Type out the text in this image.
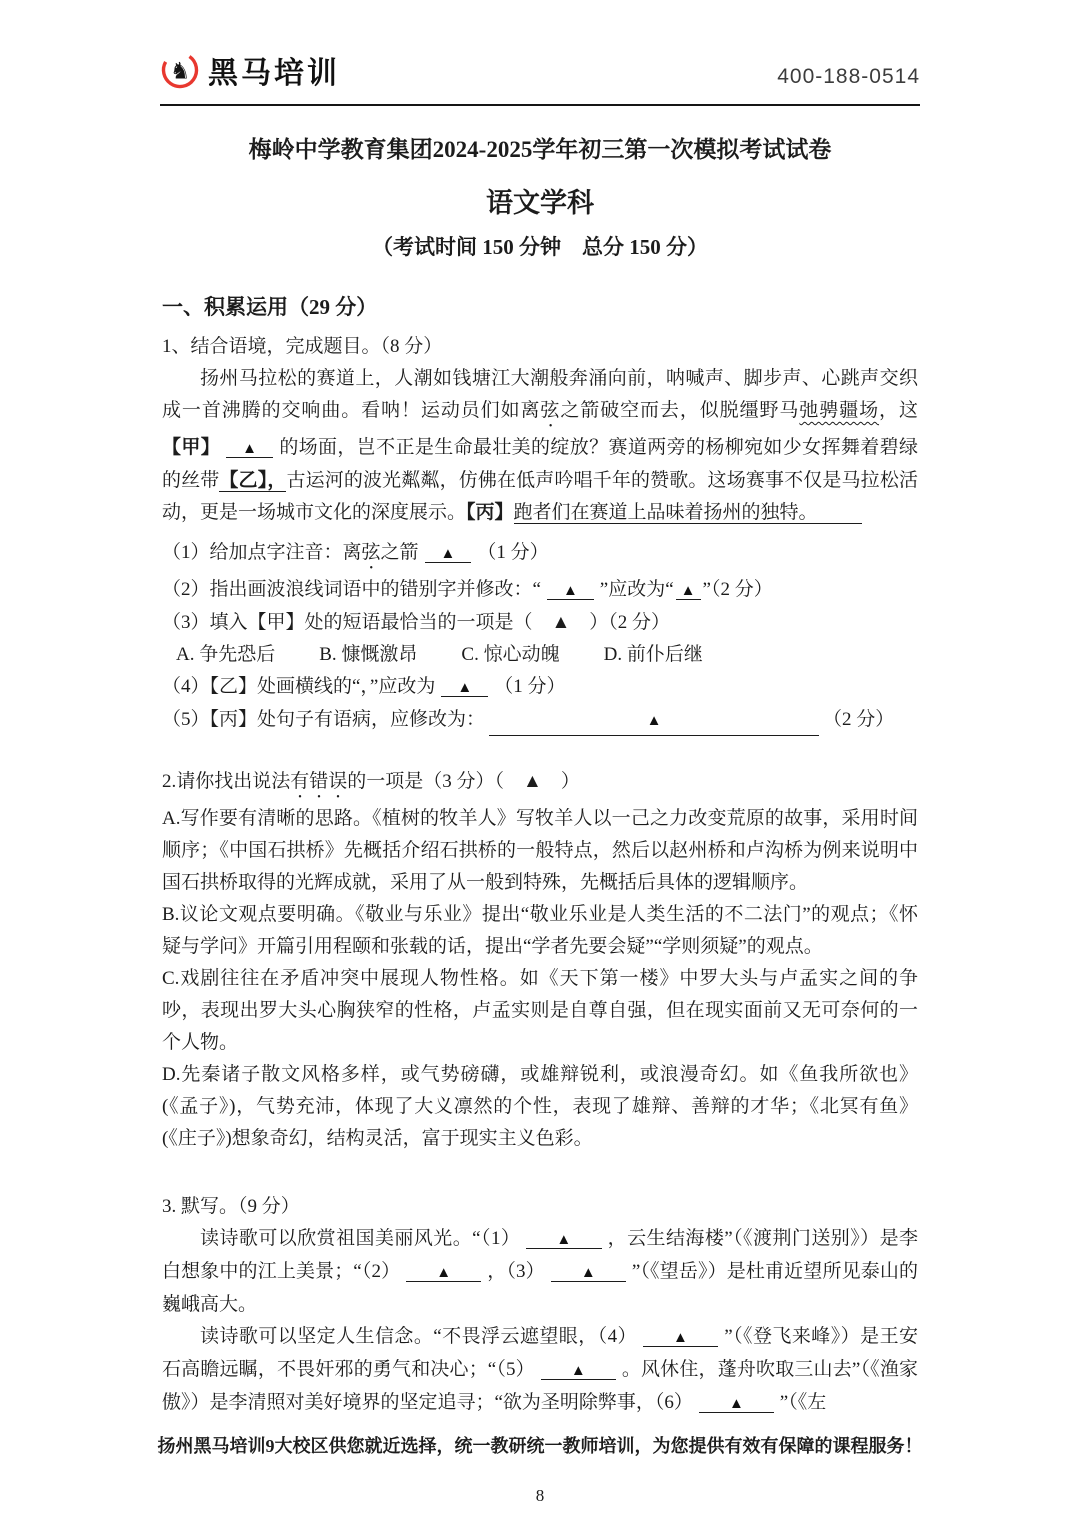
♞ 黑马培训	400-188-0514
梅岭中学教育集团2024-2025学年初三第一次模拟考试试卷
语文学科

（考试时间 150 分钟　总分 150 分）

一、积累运用（29 分）

1、结合语境，完成题目。（8 分）

扬州马拉松的赛道上，人潮如钱塘江大潮般奔涌向前，呐喊声、脚步声、心跳声交织成一首沸腾的交响曲。看呐！运动员们如离弦之箭破空而去，似脱缰野马弛骋疆场，这【甲】 ▲ 的场面，岂不正是生命最壮美的绽放？赛道两旁的杨柳宛如少女挥舞着碧绿的丝带【乙】，古运河的波光粼粼，仿佛在低声吟唱千年的赞歌。这场赛事不仅是马拉松活动，更是一场城市文化的深度展示。【丙】跑者们在赛道上品味着扬州的独特。

（1）给加点字注音：离弦之箭 ▲ （1 分）

（2）指出画波浪线词语中的错别字并修改：“ ▲ ”应改为“ ▲ ”（2 分）

（3）填入【甲】处的短语最恰当的一项是（　▲　）（2 分）

A. 争先恐后 B. 慷慨激昂 C. 惊心动魄 D. 前仆后继

（4）【乙】处画横线的“，”应改为 ▲ （1 分）

（5）【丙】处句子有语病，应修改为：	▲	（2 分）

2.请你找出说法有错误的一项是（3 分）（　▲　）

A.写作要有清晰的思路。《植树的牧羊人》写牧羊人以一己之力改变荒原的故事，采用时间顺序；《中国石拱桥》先概括介绍石拱桥的一般特点，然后以赵州桥和卢沟桥为例来说明中国石拱桥取得的光辉成就，采用了从一般到特殊，先概括后具体的逻辑顺序。

B.议论文观点要明确。《敬业与乐业》提出“敬业乐业是人类生活的不二法门”的观点；《怀疑与学问》开篇引用程颐和张载的话，提出“学者先要会疑”“学则须疑”的观点。

C.戏剧往往在矛盾冲突中展现人物性格。如《天下第一楼》中罗大头与卢孟实之间的争吵，表现出罗大头心胸狭窄的性格，卢孟实则是自尊自强，但在现实面前又无可奈何的一个人物。

D.先秦诸子散文风格多样，或气势磅礴，或雄辩锐利，或浪漫奇幻。如《鱼我所欲也》(《孟子》)，气势充沛，体现了大义凛然的个性，表现了雄辩、善辩的才华；《北冥有鱼》(《庄子》)想象奇幻，结构灵活，富于现实主义色彩。

3. 默写。（9 分）

读诗歌可以欣赏祖国美丽风光。“（1） ▲ ，云生结海楼”（《渡荆门送别》）是李白想象中的江上美景；“（2） ▲ ，（3） ▲ ”（《望岳》）是杜甫近望所见泰山的巍峨高大。

读诗歌可以坚定人生信念。“不畏浮云遮望眼，（4） ▲ ”（《登飞来峰》）是王安石高瞻远瞩，不畏奸邪的勇气和决心；“（5） ▲ 。风休住，蓬舟吹取三山去”（《渔家傲》）是李清照对美好境界的坚定追寻；“欲为圣明除弊事，（6） ▲ ”（《左

扬州黑马培训9大校区供您就近选择，统一教研统一教师培训，为您提供有效有保障的课程服务！

8
